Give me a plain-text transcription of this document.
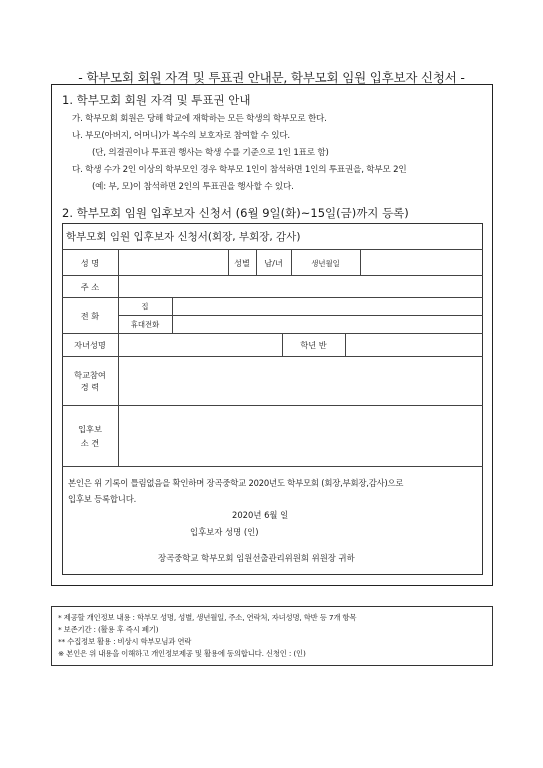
- 학부모회 회원 자격 및 투표권 안내문, 학부모회 임원 입후보자 신청서 -
1. 학부모회 회원 자격 및 투표권 안내
가. 학부모회 회원은 당해 학교에 재학하는 모든 학생의 학부모로 한다.
나. 부모(아버지, 어머니)가 복수의 보호자로 참여할 수 있다.
(단, 의결권이나 투표권 행사는 학생 수를 기준으로 1인 1표로 함)
다. 학생 수가 2인 이상의 학부모인 경우 학부모 1인이 참석하면 1인의 투표권을, 학부모 2인
(예: 부, 모)이 참석하면 2인의 투표권을 행사할 수 있다.
2. 학부모회 임원 입후보자 신청서 (6월 9일(화)~15일(금)까지 등록)
학부모회 임원 입후보자 신청서(회장, 부회장, 감사)
성 명	성별	남/녀	생년월일
주 소
전 화
집
휴대전화
자녀성명	학년 반
학교참여
경 력
입후보
소 견
본인은 위 기록이 틀림없음을 확인하며 장곡중학교 2020년도 학부모회 (회장,부회장,감사)으로
입후보 등록합니다.
2020년 6월 일
입후보자 성명 (인)
장곡중학교 학부모회 임원선출관리위원회 위원장 귀하
* 제공할 개인정보 내용 : 학부모 성명, 성별, 생년월일, 주소, 연락처, 자녀성명, 학반 등 7개 항목
* 보존기간 : (활용 후 즉시 폐기)
** 수집정보 활용 : 비상시 학부모님과 연락
※ 본인은 위 내용을 이해하고 개인정보제공 및 활용에 동의합니다. 신청인 : (인)
